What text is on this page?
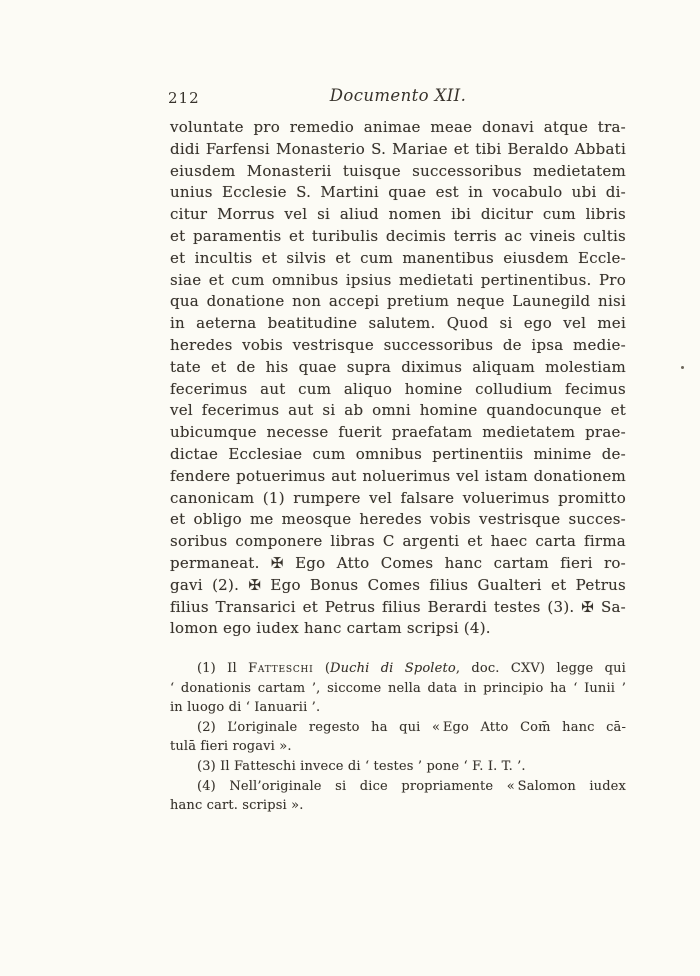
212	Documento XII.
voluntate pro remedio animae meae donavi atque tra-
didi Farfensi Monasterio S. Mariae et tibi Beraldo Abbati
eiusdem Monasterii tuisque successoribus medietatem
unius Ecclesie S. Martini quae est in vocabulo ubi di-
citur Morrus vel si aliud nomen ibi dicitur cum libris
et paramentis et turibulis decimis terris ac vineis cultis
et incultis et silvis et cum manentibus eiusdem Eccle-
siae et cum omnibus ipsius medietati pertinentibus. Pro
qua donatione non accepi pretium neque Launegild nisi
in aeterna beatitudine salutem. Quod si ego vel mei
heredes vobis vestrisque successoribus de ipsa medie-
tate et de his quae supra diximus aliquam molestiam
fecerimus aut cum aliquo homine colludium fecimus
vel fecerimus aut si ab omni homine quandocunque et
ubicumque necesse fuerit praefatam medietatem prae-
dictae Ecclesiae cum omnibus pertinentiis minime de-
fendere potuerimus aut noluerimus vel istam donationem
canonicam (1) rumpere vel falsare voluerimus promitto
et obligo me meosque heredes vobis vestrisque succes-
soribus componere libras C argenti et haec carta firma
permaneat. ✠ Ego Atto Comes hanc cartam fieri ro-
gavi (2). ✠ Ego Bonus Comes filius Gualteri et Petrus
filius Transarici et Petrus filius Berardi testes (3). ✠ Sa-
lomon ego iudex hanc cartam scripsi (4).
(1) Il Fatteschi (Duchi di Spoleto, doc. CXV) legge qui
‘ donationis cartam ’, siccome nella data in principio ha ‘ Iunii ’
in luogo di ‘ Ianuarii ’.
(2) L’originale regesto ha qui « Ego Atto Com̄ hanc cā-
tulā fieri rogavi ».
(3) Il Fatteschi invece di ‘ testes ’ pone ‘ F. I. T. ’.
(4) Nell’originale si dice propriamente « Salomon iudex
hanc cart. scripsi ».
